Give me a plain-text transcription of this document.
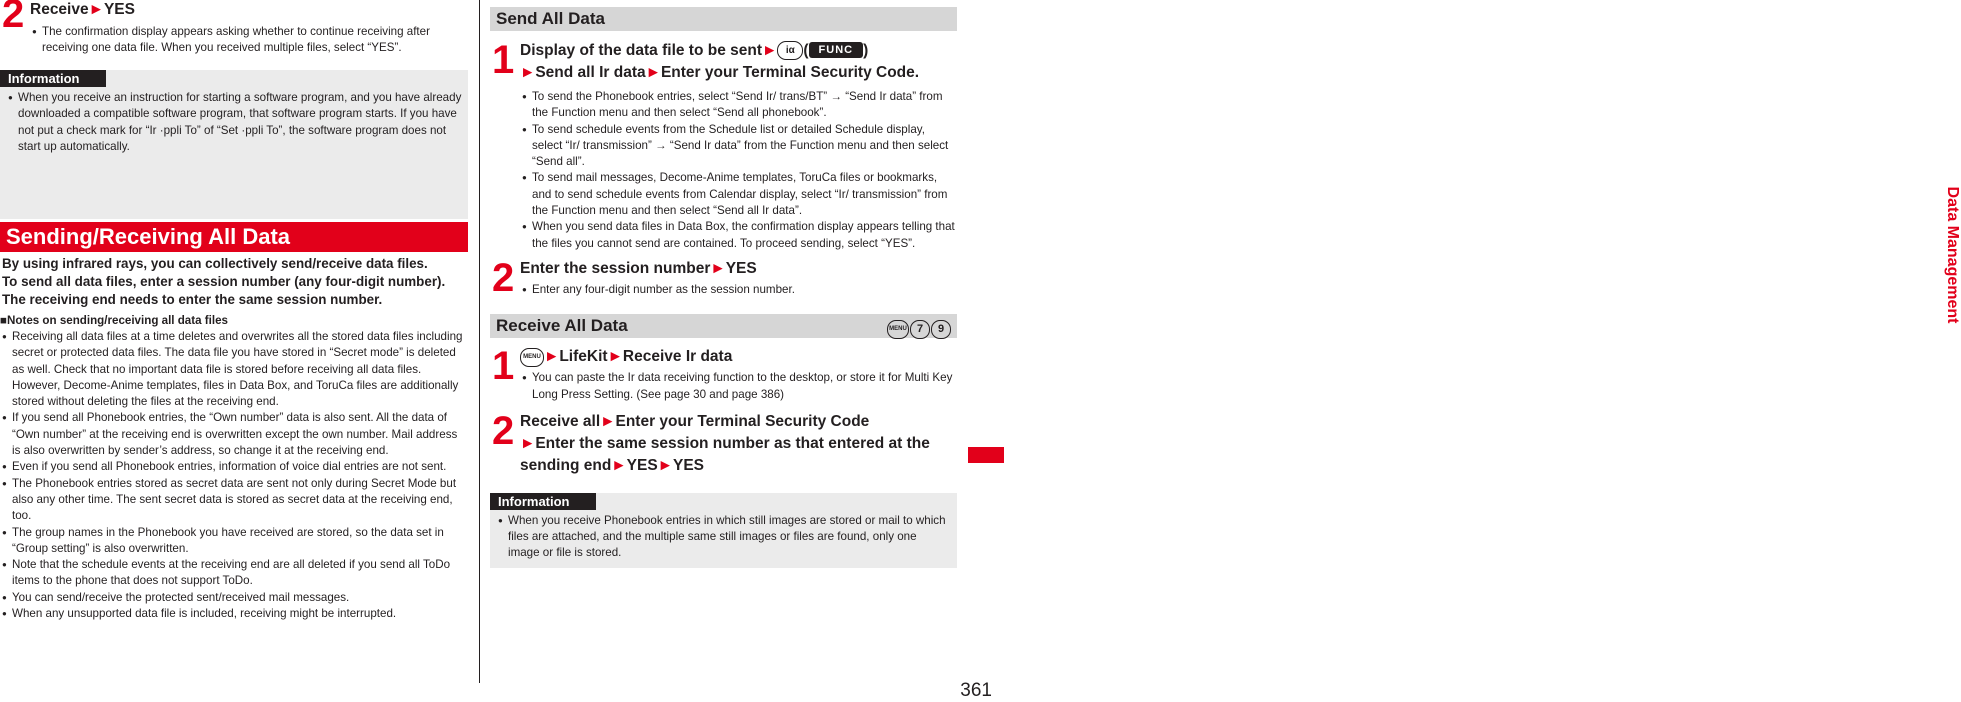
2 Receive►YES
● The confirmation display appears asking whether to continue receiving after receiving one data file. When you received multiple files, select “YES”.
Information
● When you receive an instruction for starting a software program, and you have already downloaded a compatible software program, that software program starts. If you have not put a check mark for “Ir ·ppli To” of “Set ·ppli To”, the software program does not start up automatically.
Sending/Receiving All Data
By using infrared rays, you can collectively send/receive data files.
To send all data files, enter a session number (any four-digit number).
The receiving end needs to enter the same session number.
■Notes on sending/receiving all data files
● Receiving all data files at a time deletes and overwrites all the stored data files including secret or protected data files. The data file you have stored in “Secret mode” is deleted as well. Check that no important data file is stored before receiving all data files.
However, Decome-Anime templates, files in Data Box, and ToruCa files are additionally stored without deleting the files at the receiving end.
● If you send all Phonebook entries, the “Own number” data is also sent. All the data of “Own number” at the receiving end is overwritten except the own number. Mail address is also overwritten by sender’s address, so change it at the receiving end.
● Even if you send all Phonebook entries, information of voice dial entries are not sent.
● The Phonebook entries stored as secret data are sent not only during Secret Mode but also any other time. The sent secret data is stored as secret data at the receiving end, too.
● The group names in the Phonebook you have received are stored, so the data set in “Group setting” is also overwritten.
● Note that the schedule events at the receiving end are all deleted if you send all ToDo items to the phone that does not support ToDo.
● You can send/receive the protected sent/received mail messages.
● When any unsupported data file is included, receiving might be interrupted.
Send All Data
1 Display of the data file to be sent► iα ( FUNC )
►Send all Ir data►Enter your Terminal Security Code.
● To send the Phonebook entries, select “Send Ir/ trans/BT” → “Send Ir data” from the Function menu and then select “Send all phonebook”.
● To send schedule events from the Schedule list or detailed Schedule display, select “Ir/ transmission” → “Send Ir data” from the Function menu and then select “Send all”.
● To send mail messages, Decome-Anime templates, ToruCa files or bookmarks, and to send schedule events from Calendar display, select “Ir/ transmission” from the Function menu and then select “Send all Ir data”.
● When you send data files in Data Box, the confirmation display appears telling that the files you cannot send are contained. To proceed sending, select “YES”.
2 Enter the session number►YES
● Enter any four-digit number as the session number.
Receive All Data	MENU 7 9
1	MENU ►LifeKit►Receive Ir data
● You can paste the Ir data receiving function to the desktop, or store it for Multi Key Long Press Setting. (See page 30 and page 386)
2 Receive all►Enter your Terminal Security Code
►Enter the same session number as that entered at the
sending end►YES►YES
Information
● When you receive Phonebook entries in which still images are stored or mail to which files are attached, and the multiple same still images or files are found, only one image or file is stored.
Data Management
361
